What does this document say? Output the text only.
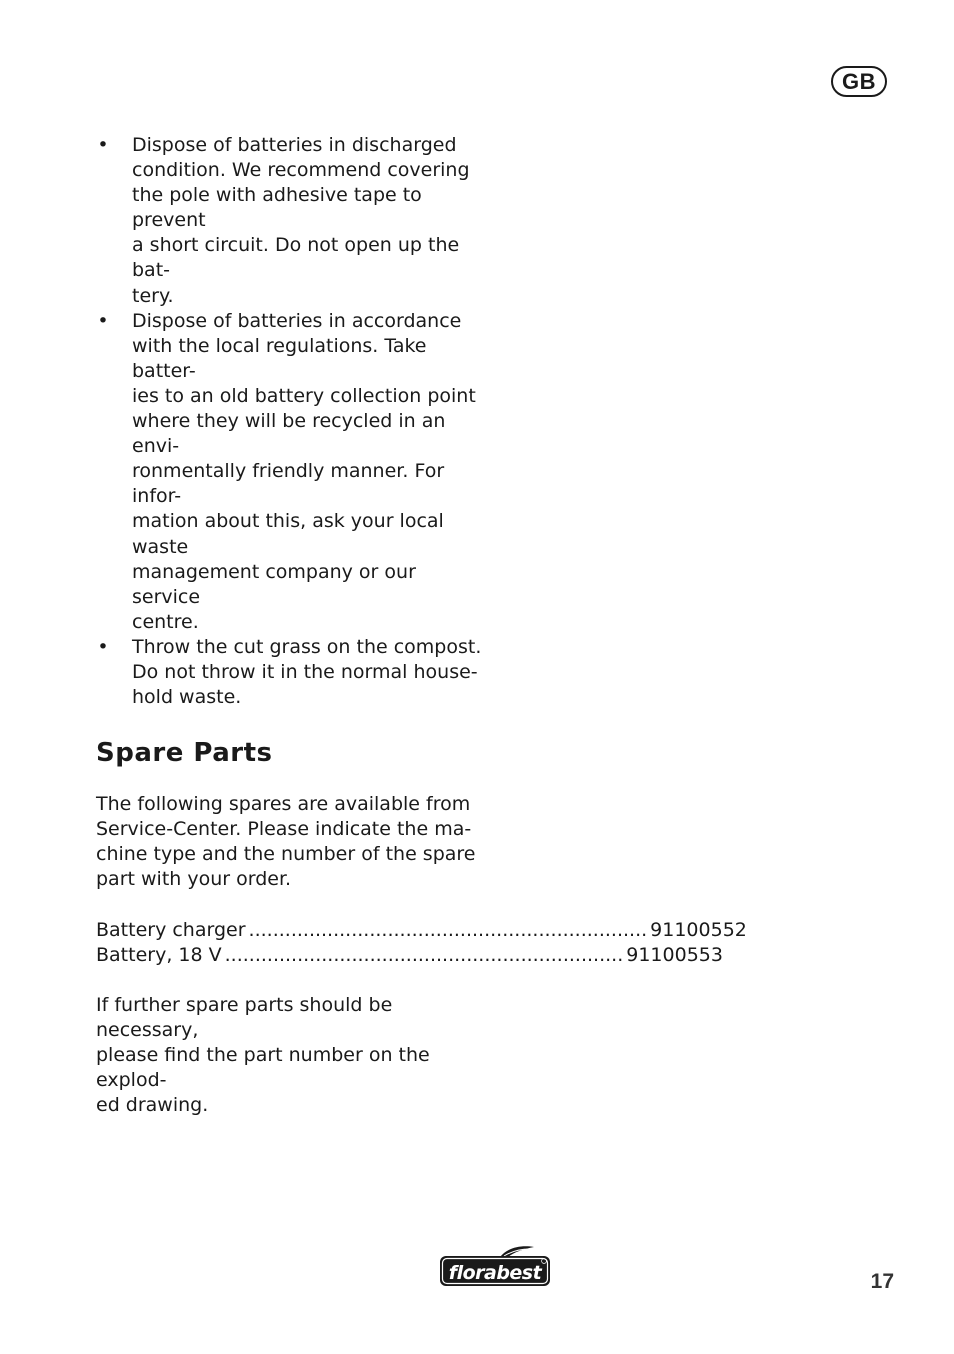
GB
• Dispose of batteries in discharged
condition. We recommend covering
the pole with adhesive tape to prevent
a short circuit. Do not open up the bat-
tery.
• Dispose of batteries in accordance
with the local regulations. Take batter-
ies to an old battery collection point
where they will be recycled in an envi-
ronmentally friendly manner. For infor-
mation about this, ask your local waste
management company or our service
centre.
• Throw the cut grass on the compost.
Do not throw it in the normal house-
hold waste.
Spare Parts
The following spares are available from
Service-Center. Please indicate the ma-
chine type and the number of the spare
part with your order.
Battery charger .................................................................. 91100552
Battery, 18 V .................................................................. 91100553
If further spare parts should be necessary,
please find the part number on the explod-
ed drawing.
florabest	17
